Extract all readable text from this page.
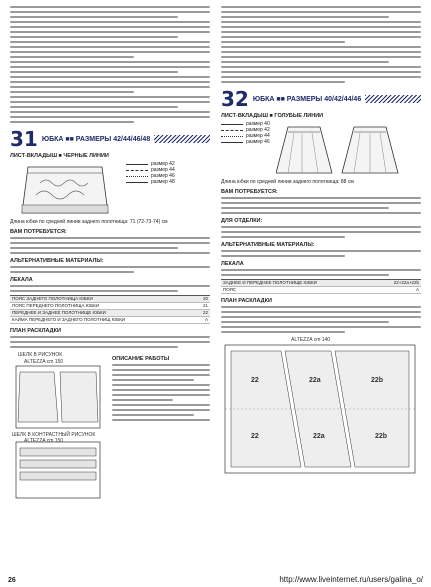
31 ЮБКА ■■ РАЗМЕРЫ 42/44/46/48
ЛИСТ-ВКЛАДЫШ ■ ЧЕРНЫЕ ЛИНИИ
размер 42
размер 44
размер 46
размер 48
Длина юбки по средней линии заднего полотнища: 71 (72-73-74) см
ВАМ ПОТРЕБУЕТСЯ:
АЛЬТЕРНАТИВНЫЕ МАТЕРИАЛЫ:
ЛЕКАЛА
ПОЯС ЗАДНЕГО ПОЛОТНИЩА ЮБКИ	20
ПОЯС ПЕРЕДНЕГО ПОЛОТНИЩА ЮБКИ	21
ПЕРЕДНЕЕ И ЗАДНЕЕ ПОЛОТНИЩЕ ЮБКИ	22
КАЙМА ПЕРЕДНЕГО И ЗАДНЕГО ПОЛОТНИЩ ЮБКИ	A
ПЛАН РАСКЛАДКИ
ШЕЛК В РИСУНОК
ALTEZZA cm 150
ШЕЛК В КОНТРАСТНЫЙ РИСУНОК
ALTEZZA cm 150
ОПИСАНИЕ РАБОТЫ
32 ЮБКА ■■ РАЗМЕРЫ 40/42/44/46
ЛИСТ-ВКЛАДЫШ ■ ГОЛУБЫЕ ЛИНИИ
размер 40
размер 42
размер 44
размер 46
Длина юбки по средней линии заднего полотнища: 88 см
ВАМ ПОТРЕБУЕТСЯ:
ДЛЯ ОТДЕЛКИ:
АЛЬТЕРНАТИВНЫЕ МАТЕРИАЛЫ:
ЛЕКАЛА
ЗАДНЕЕ И ПЕРЕДНЕЕ ПОЛОТНИЩЕ ЮБКИ	22+22a+22b
ПОЯС	A
ПЛАН РАСКЛАДКИ
ALTEZZA cm 140
22	22a	22b
22	22a	22b
26	http://www.liveinternet.ru/users/galina_o/
